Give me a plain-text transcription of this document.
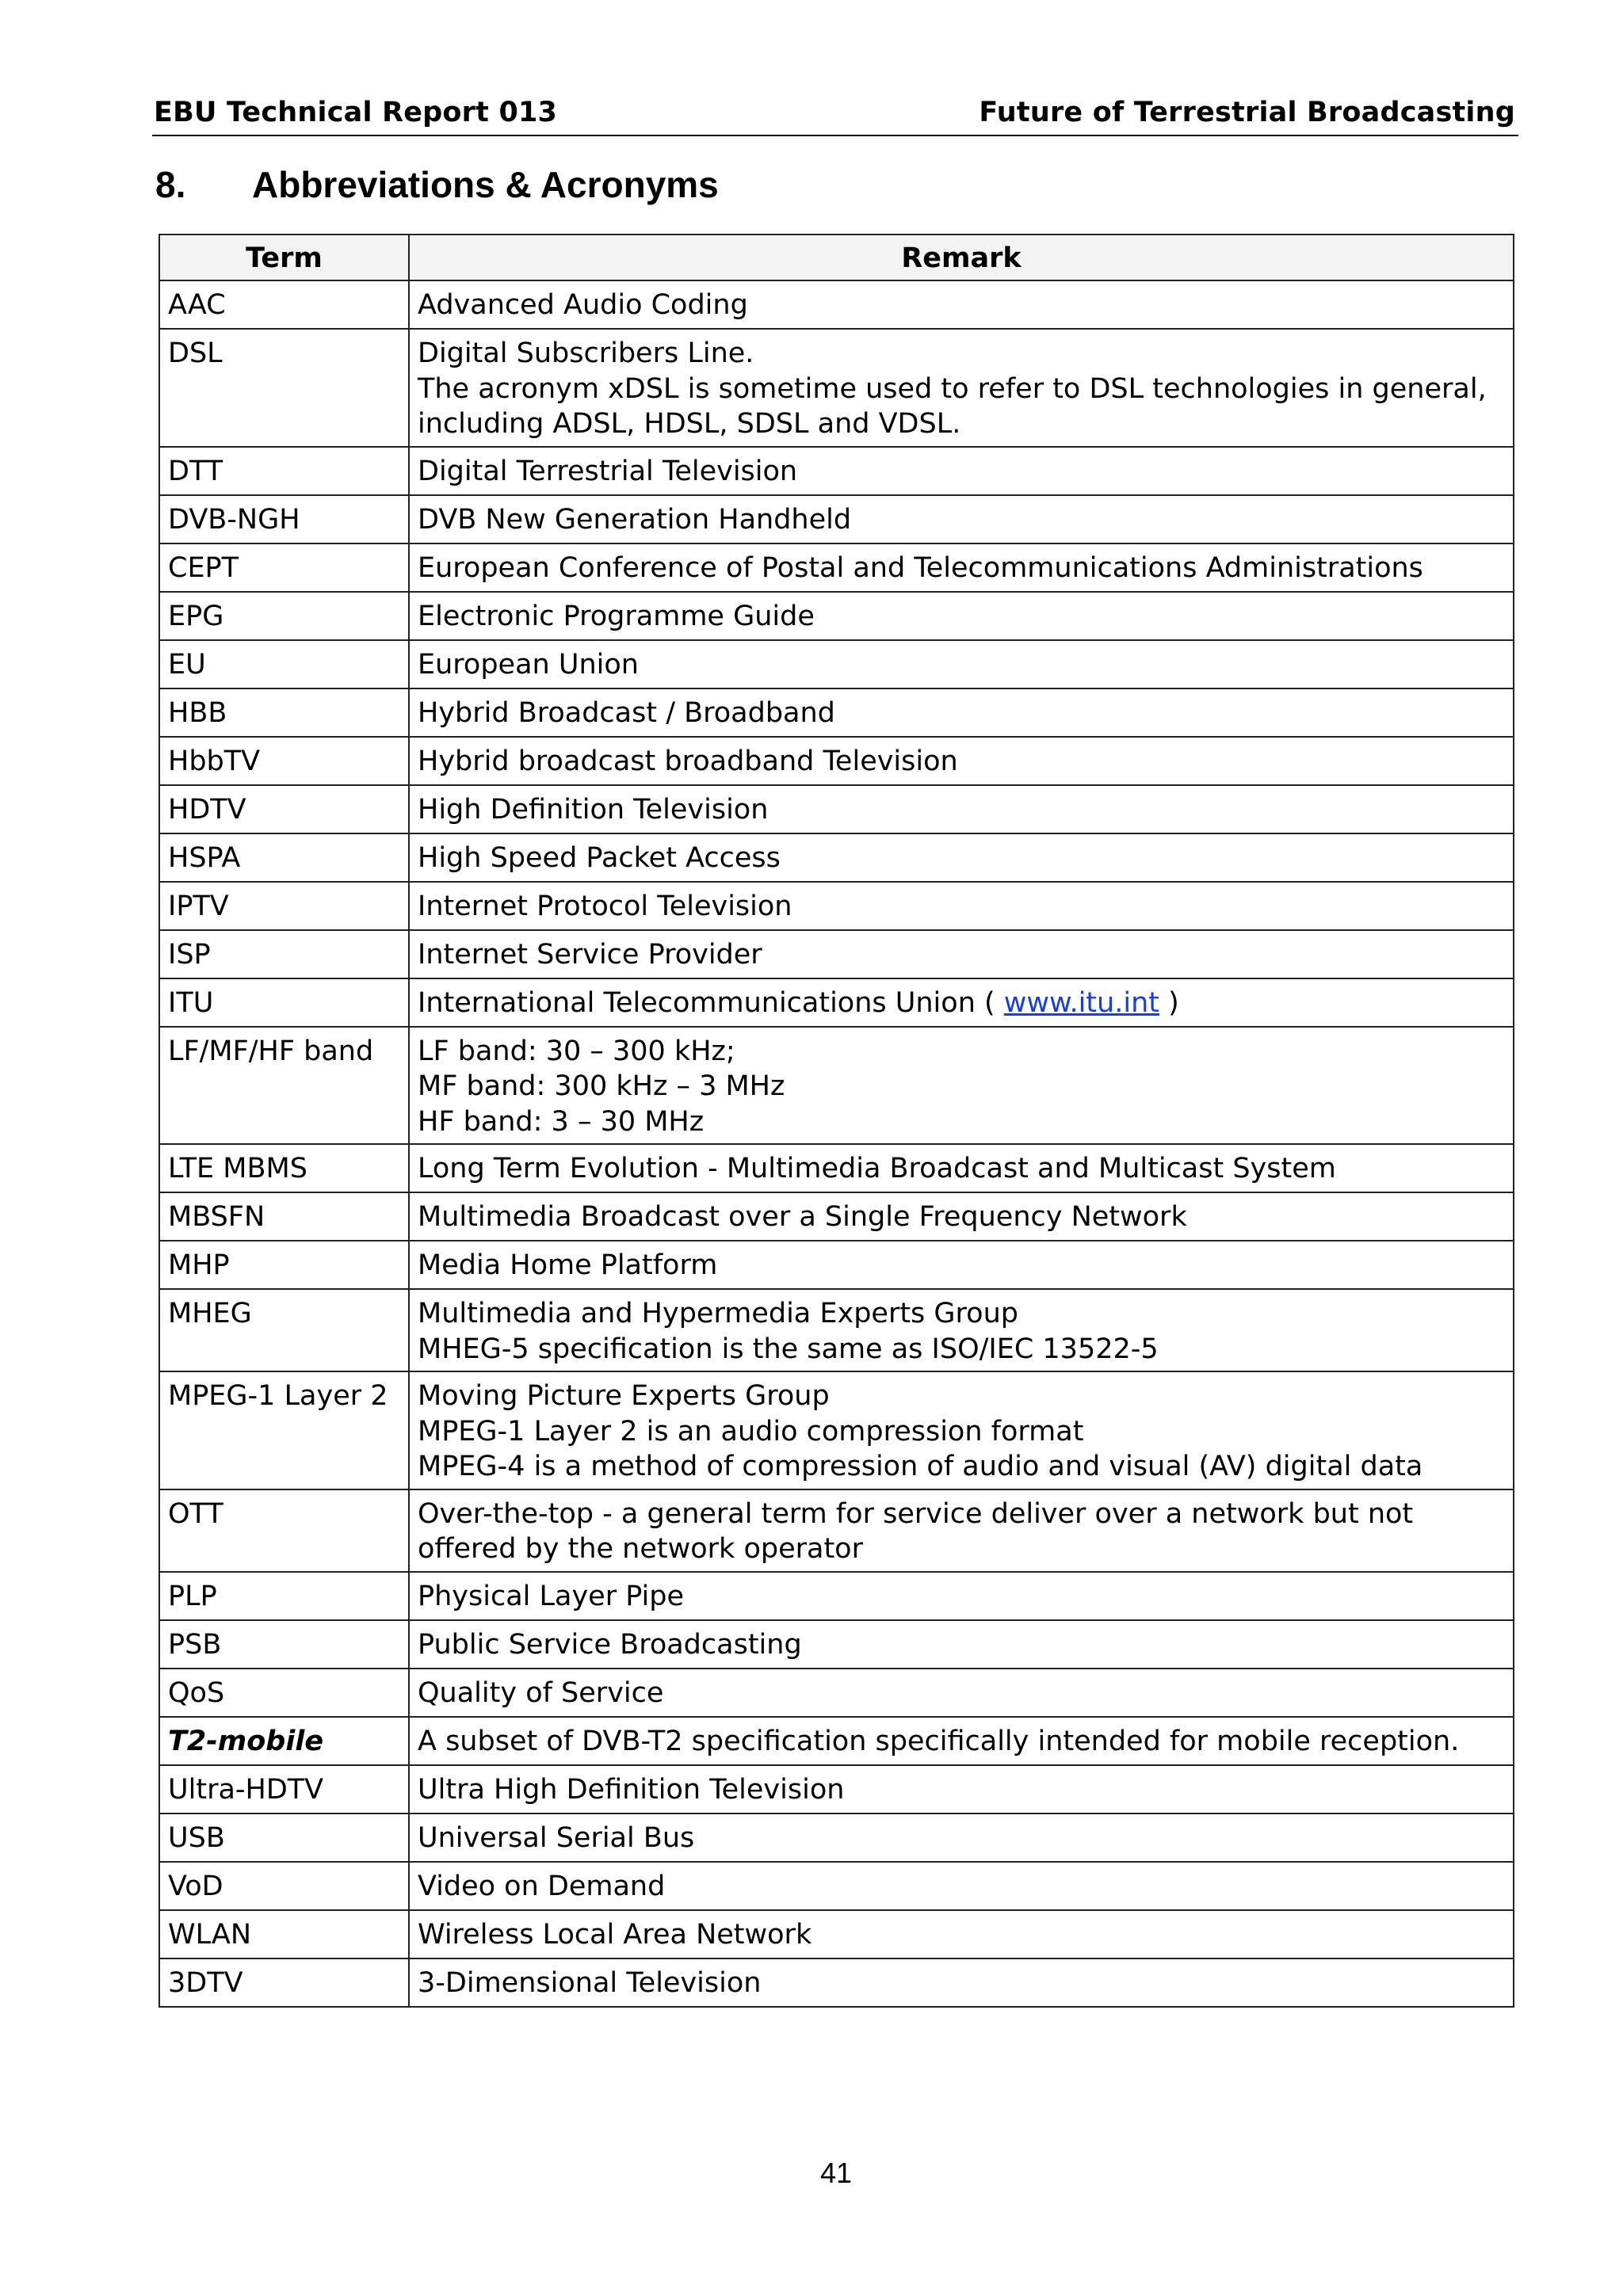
EBU Technical Report 013	Future of Terrestrial Broadcasting
8. Abbreviations & Acronyms
Term	Remark
AAC	Advanced Audio Coding

DSL	Digital Subscribers Line.
The acronym xDSL is sometime used to refer to DSL technologies in general,
including ADSL, HDSL, SDSL and VDSL.

DTT	Digital Terrestrial Television

DVB-NGH	DVB New Generation Handheld

CEPT	European Conference of Postal and Telecommunications Administrations

EPG	Electronic Programme Guide

EU	European Union

HBB	Hybrid Broadcast / Broadband

HbbTV	Hybrid broadcast broadband Television

HDTV	High Definition Television

HSPA	High Speed Packet Access

IPTV	Internet Protocol Television

ISP	Internet Service Provider

ITU	International Telecommunications Union ( www.itu.int )

LF/MF/HF band	LF band: 30 – 300 kHz;
MF band: 300 kHz – 3 MHz
HF band: 3 – 30 MHz

LTE MBMS	Long Term Evolution - Multimedia Broadcast and Multicast System

MBSFN	Multimedia Broadcast over a Single Frequency Network

MHP	Media Home Platform

MHEG	Multimedia and Hypermedia Experts Group
MHEG-5 specification is the same as ISO/IEC 13522-5

MPEG-1 Layer 2	Moving Picture Experts Group
MPEG-1 Layer 2 is an audio compression format
MPEG-4 is a method of compression of audio and visual (AV) digital data

OTT	Over-the-top - a general term for service deliver over a network but not
offered by the network operator

PLP	Physical Layer Pipe

PSB	Public Service Broadcasting

QoS	Quality of Service

T2-mobile	A subset of DVB-T2 specification specifically intended for mobile reception.

Ultra-HDTV	Ultra High Definition Television

USB	Universal Serial Bus

VoD	Video on Demand

WLAN	Wireless Local Area Network

3DTV	3-Dimensional Television
41
